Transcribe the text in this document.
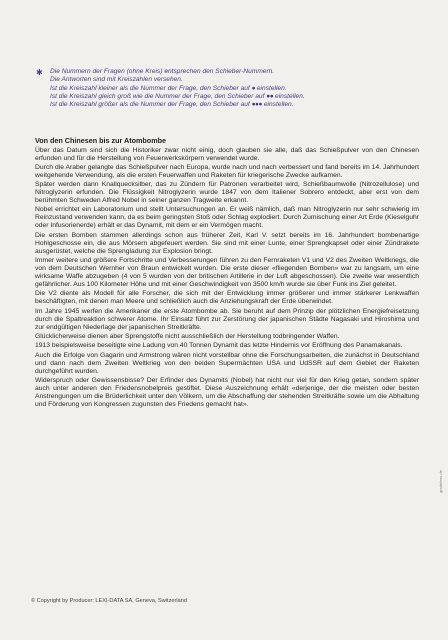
✱ Die Nummern der Fragen (ohne Kreis) entsprechen den Schieber-Nummern.
Die Antworten sind mit Kreiszahlen versehen.
Ist die Kreiszahl kleiner als die Nummer der Frage, den Schieber auf ● einstellen.
Ist die Kreiszahl gleich groß wie die Nummer der Frage, den Schieber auf ●● einstellen.
Ist die Kreiszahl größer als die Nummer der Frage, den Schieber auf ●●● einstellen.
Von den Chinesen bis zur Atombombe

Über das Datum sind sich die Historiker zwar nicht einig, doch glauben sie alle, daß das Schießpulver von den Chinesen erfunden und für die Herstellung von Feuerwerkskörpern verwendet wurde.

Durch die Araber gelangte das Schießpulver nach Europa, wurde nach und nach verbessert und fand bereits im 14. Jahrhundert weitgehende Verwendung, als die ersten Feuerwaffen und Raketen für kriegerische Zwecke aufkamen.

Später werden dann Knallquecksilber, das zu Zündern für Patronen verarbeitet wird, Schießbaumwolle (Nitrozellulose) und Nitroglyzerin erfunden. Die Flüssigkeit Nitroglyzerin wurde 1847 von dem Italiener Sobrero entdeckt, aber erst von dem berühmten Schweden Alfred Nobel in seiner ganzen Tragweite erkannt.

Nobel errichtet ein Laboratorium und stellt Untersuchungen an. Er weiß nämlich, daß man Nitroglyzerin nur sehr schwierig im Reinzustand verwenden kann, da es beim geringsten Stoß oder Schlag explodiert. Durch Zumischung einer Art Erde (Kieselguhr oder Infusorienerde) erhält er das Dynamit, mit dem er ein Vermögen macht.

Die ersten Bomben stammen allerdings schon aus früherer Zeit, Karl V. setzt bereits im 16. Jahrhundert bombenartige Hohlgeschosse ein, die aus Mörsern abgefeuert werden. Sie sind mit einer Lunte, einer Sprengkapsel oder einer Zündrakete ausgerüstet, welche die Sprengladung zur Explosion bringt.

Immer weitere und größere Fortschritte und Verbesserungen führen zu den Fernraketen V1 und V2 des Zweiten Weltkriegs, die von dem Deutschen Wernher von Braun entwickelt wurden. Die erste dieser «fliegenden Bomben» war zu langsam, um eine wirksame Waffe abzugeben (4 von 5 wurden von der britischen Artillerie in der Luft abgeschossen). Die zweite war wesentlich gefährlicher. Aus 100 Kilometer Höhe und mit einer Geschwindigkeit von 3500 km/h wurde sie über Funk ins Ziel geleitet.

Die V2 diente als Modell für alle Forscher, die sich mit der Entwicklung immer größerer und immer stärkerer Lenkwaffen beschäftigten, mit denen man Meere und schließlich auch die Anziehungskraft der Erde überwindet.

Im Jahre 1945 werfen die Amerikaner die erste Atombombe ab. Sie beruht auf dem Prinzip der plötzlichen Energiefreisetzung durch die Spaltreaktion schwerer Atome. Ihr Einsatz führt zur Zerstörung der japanischen Städte Nagasaki und Hiroshima und zur endgültigen Niederlage der japanischen Streitkräfte.

Glücklicherweise dienen aber Sprengstoffe nicht ausschließlich der Herstellung todbringender Waffen.

1913 beispielsweise beseitigte eine Ladung von 40 Tonnen Dynamit das letzte Hindernis vor Eröffnung des Panamakanals.

Auch die Erfolge von Gagarin und Armstrong wären nicht vorstellbar ohne die Forschungsarbeiten, die zunächst in Deutschland und dann nach dem Zweiten Weltkrieg von den beiden Supermächten USA und UdSSR auf dem Gebiet der Raketen durchgeführt wurden.

Widerspruch oder Gewissensbisse? Der Erfinder des Dynamits (Nobel) hat nicht nur viel für den Krieg getan, sondern später auch unter anderen den Friedensnobelpreis gestiftet. Diese Auszeichnung erhält «derjenige, der die meisten oder besten Anstrengungen um die Brüderlichkeit unter den Völkern, um die Abschaffung der stehenden Streitkräfte sowie um die Abhaltung und Förderung von Kongressen zugunsten des Friedens gemacht hat».

© Copyright by Producer: LEXI-DATA SA, Geneva, Switzerland
gradeless.de
